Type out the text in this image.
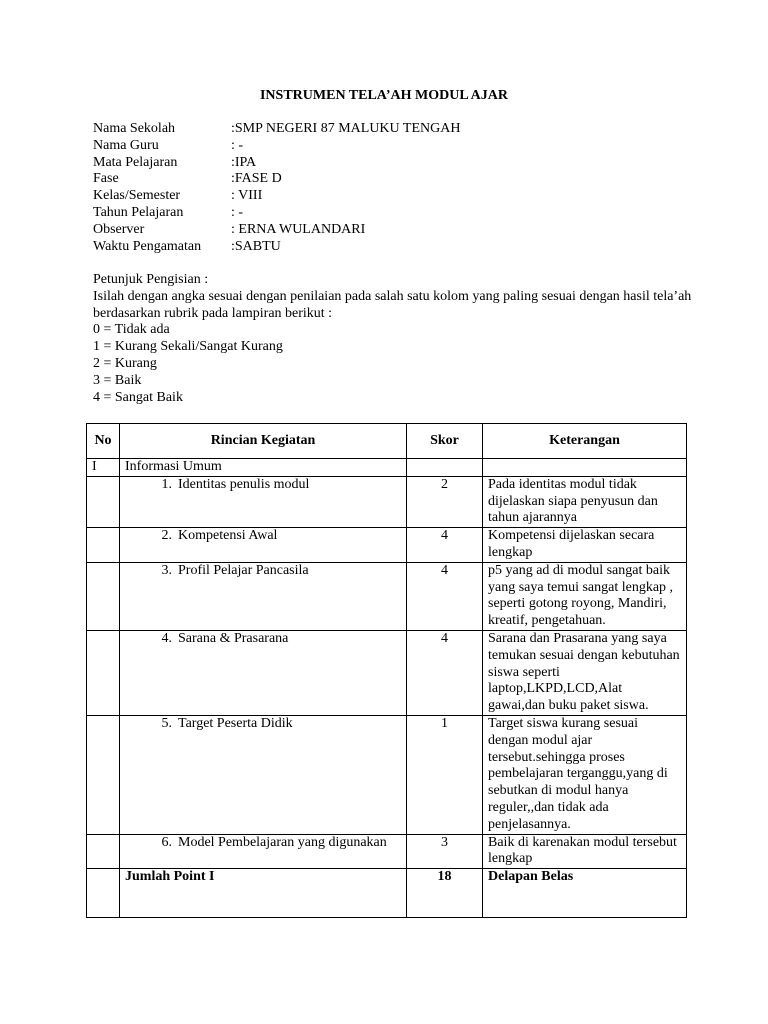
INSTRUMEN TELA’AH MODUL AJAR
Nama Sekolah	:SMP NEGERI 87 MALUKU TENGAH
Nama Guru	: -
Mata Pelajaran	:IPA
Fase	:FASE D
Kelas/Semester	: VIII
Tahun Pelajaran	: -
Observer	: ERNA WULANDARI
Waktu Pengamatan	:SABTU

Petunjuk Pengisian :

Isilah dengan angka sesuai dengan penilaian pada salah satu kolom yang paling sesuai dengan hasil tela’ah berdasarkan rubrik pada lampiran berikut :

0 = Tidak ada

1 = Kurang Sekali/Sangat Kurang

2 = Kurang

3 = Baik

4 = Sangat Baik

No	Rincian Kegiatan	Skor	Keterangan
I	Informasi Umum		

	1. Identitas penulis modul	2	Pada identitas modul tidak dijelaskan siapa penyusun dan tahun ajarannya

	2. Kompetensi Awal	4	Kompetensi dijelaskan secara lengkap

	3. Profil Pelajar Pancasila	4	p5 yang ad di modul sangat baik yang saya temui sangat lengkap , seperti gotong royong, Mandiri, kreatif, pengetahuan.

	4. Sarana & Prasarana	4	Sarana dan Prasarana yang saya temukan sesuai dengan kebutuhan siswa seperti laptop,LKPD,LCD,Alat gawai,dan buku paket siswa.

	5. Target Peserta Didik	1	Target siswa kurang sesuai dengan modul ajar tersebut.sehingga proses pembelajaran terganggu,yang di sebutkan di modul hanya reguler,,dan tidak ada penjelasannya.

	6. Model Pembelajaran yang digunakan	3	Baik di karenakan modul tersebut lengkap
	Jumlah Point I	18	Delapan Belas
